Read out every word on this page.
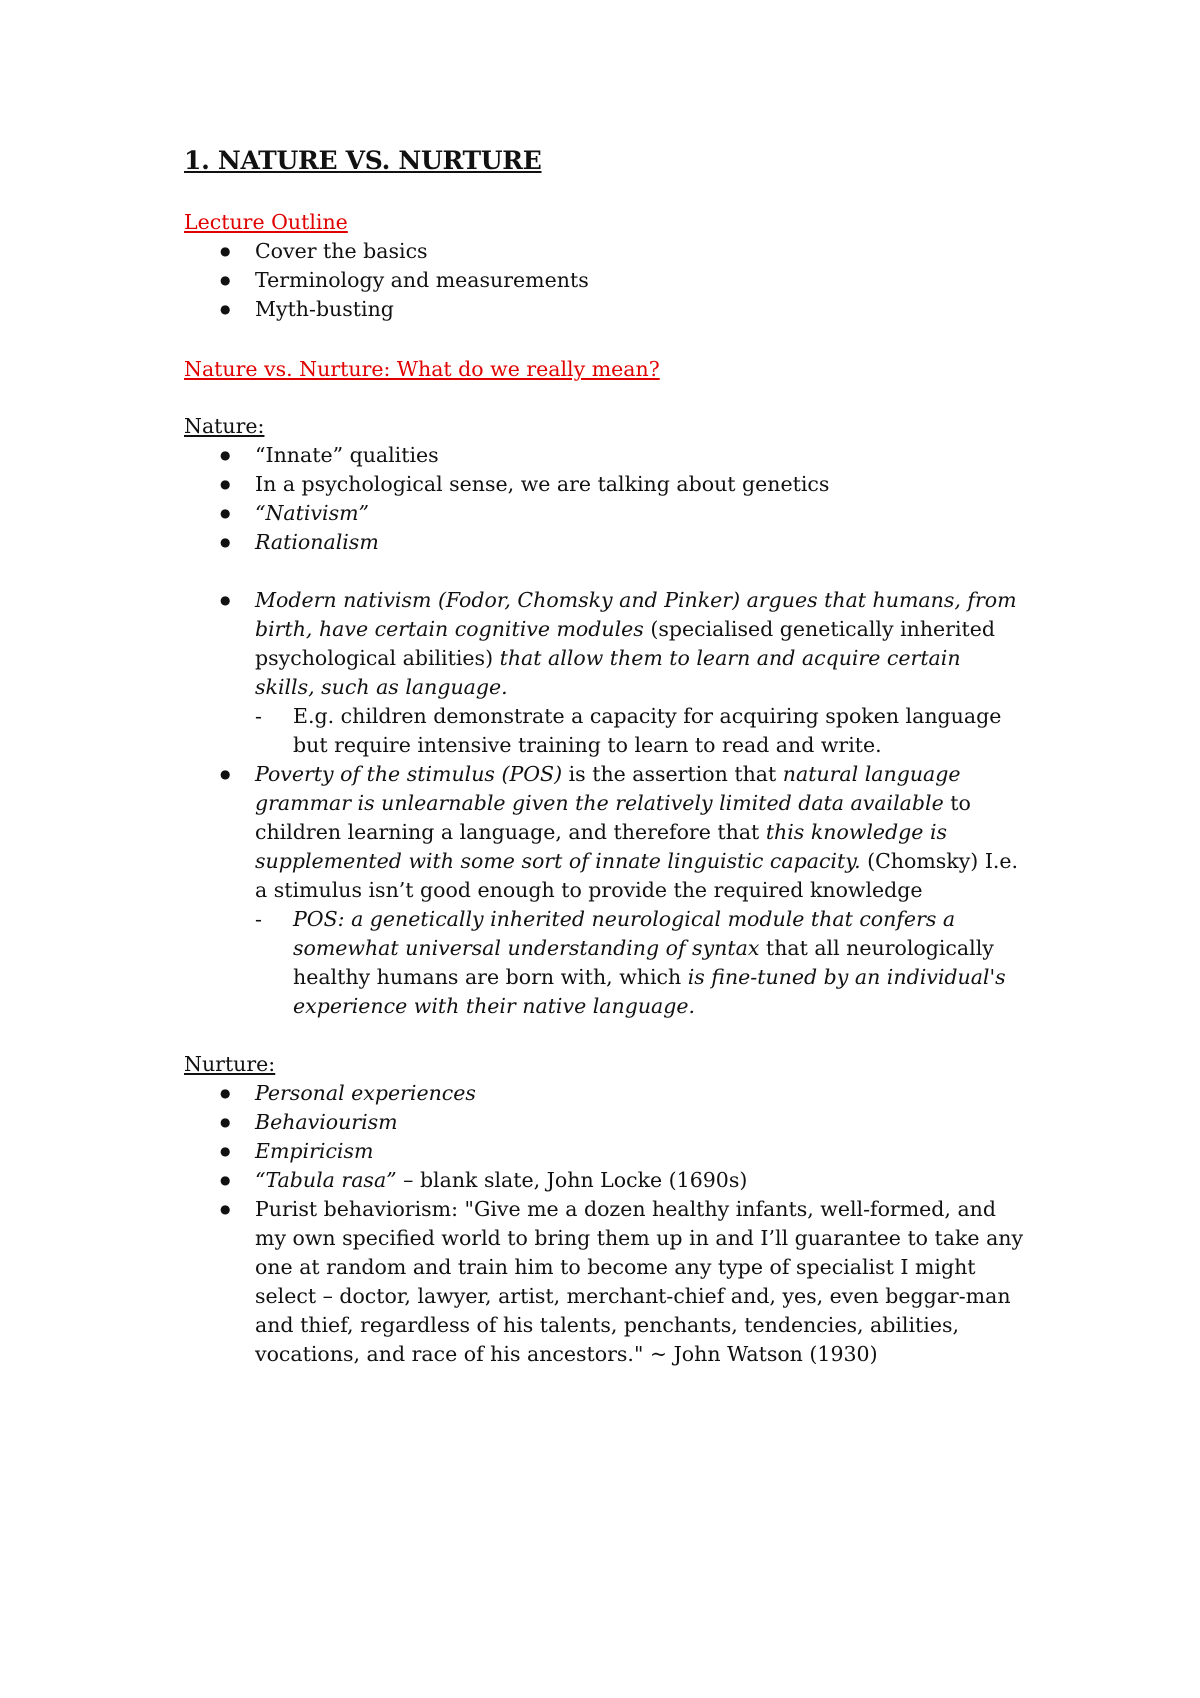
1. NATURE VS. NURTURE
Lecture Outline
● Cover the basics
● Terminology and measurements
● Myth-busting
Nature vs. Nurture: What do we really mean?
Nature:
● “Innate” qualities
● In a psychological sense, we are talking about genetics
● “Nativism”
● Rationalism
● Modern nativism (Fodor, Chomsky and Pinker) argues that humans, from birth, have certain cognitive modules (specialised genetically inherited psychological abilities) that allow them to learn and acquire certain skills, such as language.
- E.g. children demonstrate a capacity for acquiring spoken language but require intensive training to learn to read and write.
● Poverty of the stimulus (POS) is the assertion that natural language grammar is unlearnable given the relatively limited data available to children learning a language, and therefore that this knowledge is supplemented with some sort of innate linguistic capacity. (Chomsky) I.e. a stimulus isn’t good enough to provide the required knowledge
- POS: a genetically inherited neurological module that confers a somewhat universal understanding of syntax that all neurologically healthy humans are born with, which is fine-tuned by an individual's experience with their native language.
Nurture:
● Personal experiences
● Behaviourism
● Empiricism
● “Tabula rasa” – blank slate, John Locke (1690s)
● Purist behaviorism: "Give me a dozen healthy infants, well-formed, and my own specified world to bring them up in and I’ll guarantee to take any one at random and train him to become any type of specialist I might select – doctor, lawyer, artist, merchant-chief and, yes, even beggar-man and thief, regardless of his talents, penchants, tendencies, abilities, vocations, and race of his ancestors." ~ John Watson (1930)
